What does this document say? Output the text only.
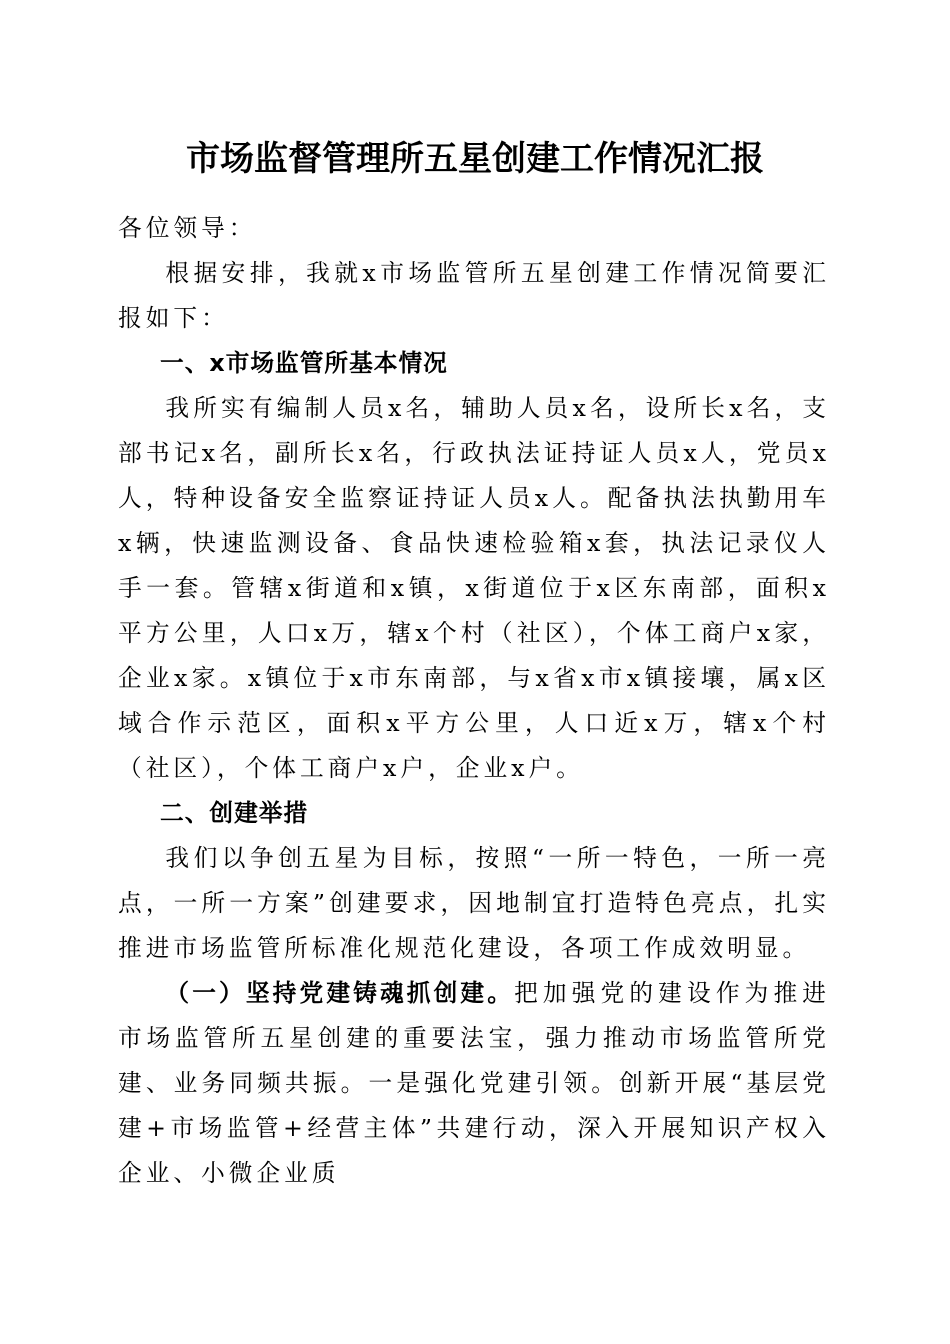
市场监督管理所五星创建工作情况汇报

各位领导：

根据安排，我就x市场监管所五星创建工作情况简要汇报如下：

一、x市场监管所基本情况

我所实有编制人员x名，辅助人员x名，设所长x名，支部书记x名，副所长x名，行政执法证持证人员x人，党员x人，特种设备安全监察证持证人员x人。配备执法执勤用车x辆，快速监测设备、食品快速检验箱x套，执法记录仪人手一套。管辖x街道和x镇，x街道位于x区东南部，面积x平方公里，人口x万，辖x个村（社区），个体工商户x家，企业x家。x镇位于x市东南部，与x省x市x镇接壤，属x区域合作示范区，面积x平方公里，人口近x万，辖x个村（社区），个体工商户x户，企业x户。

二、创建举措

我们以争创五星为目标，按照“一所一特色，一所一亮点，一所一方案”创建要求，因地制宜打造特色亮点，扎实推进市场监管所标准化规范化建设，各项工作成效明显。

（一）坚持党建铸魂抓创建。把加强党的建设作为推进市场监管所五星创建的重要法宝，强力推动市场监管所党建、业务同频共振。一是强化党建引领。创新开展“基层党建+市场监管+经营主体”共建行动，深入开展知识产权入企业、小微企业质
